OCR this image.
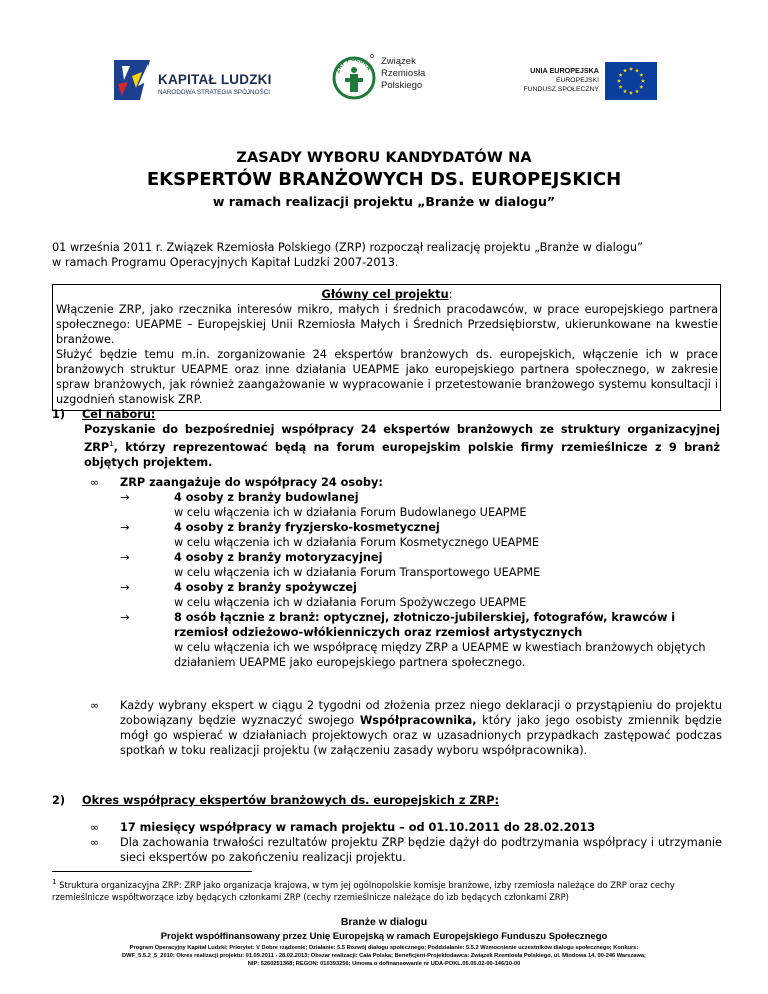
KAPITAŁ LUDZKI
NARODOWA STRATEGIA SPÓJNOŚCI
ZRP POLSKA
Związek
Rzemiosła
Polskiego
UNIA EUROPEJSKA
EUROPEJSKI
FUNDUSZ SPOŁECZNY
ZASADY WYBORU KANDYDATÓW NA
EKSPERTÓW BRANŻOWYCH DS. EUROPEJSKICH
w ramach realizacji projektu „Branże w dialogu”

01 września 2011 r. Związek Rzemiosła Polskiego (ZRP) rozpoczął realizację projektu „Branże w dialogu”

w ramach Programu Operacyjnych Kapitał Ludzki 2007-2013.

Główny cel projektu:

Włączenie ZRP, jako rzecznika interesów mikro, małych i średnich pracodawców, w prace europejskiego partnera społecznego: UEAPME – Europejskiej Unii Rzemiosła Małych i Średnich Przedsiębiorstw, ukierunkowane na kwestie branżowe.

Służyć będzie temu m.in. zorganizowanie 24 ekspertów branżowych ds. europejskich, włączenie ich w prace branżowych struktur UEAPME oraz inne działania UEAPME jako europejskiego partnera społecznego, w zakresie spraw branżowych, jak również zaangażowanie w wypracowanie i przetestowanie branżowego systemu konsultacji i uzgodnień stanowisk ZRP.

1) Cel naboru:
Pozyskanie do bezpośredniej współpracy 24 ekspertów branżowych ze struktury organizacyjnej ZRP$^1$, którzy reprezentować będą na forum europejskim polskie firmy rzemieślnicze z 9 branż objętych projektem.
∞	ZRP zaangażuje do współpracy 24 osoby:
→	4 osoby z branży budowlanej
w celu włączenia ich w działania Forum Budowlanego UEAPME
→	4 osoby z branży fryzjersko-kosmetycznej
w celu włączenia ich w działania Forum Kosmetycznego UEAPME
→	4 osoby z branży motoryzacyjnej
w celu włączenia ich w działania Forum Transportowego UEAPME
→	4 osoby z branży spożywczej
w celu włączenia ich w działania Forum Spożywczego UEAPME
→	8 osób łącznie z branż: optycznej, złotniczo-jubilerskiej, fotografów, krawców i rzemiosł odzieżowo-włókienniczych oraz rzemiosł artystycznych
w celu włączenia ich we współpracę między ZRP a UEAPME w kwestiach branżowych objętych działaniem UEAPME jako europejskiego partnera społecznego.
∞	Każdy wybrany ekspert w ciągu 2 tygodni od złożenia przez niego deklaracji o przystąpieniu do projektu zobowiązany będzie wyznaczyć swojego Współpracownika, który jako jego osobisty zmiennik będzie mógł go wspierać w działaniach projektowych oraz w uzasadnionych przypadkach zastępować podczas spotkań w toku realizacji projektu (w załączeniu zasady wyboru współpracownika).
2) Okres współpracy ekspertów branżowych ds. europejskich z ZRP:
∞	17 miesięcy współpracy w ramach projektu – od 01.10.2011 do 28.02.2013
∞	Dla zachowania trwałości rezultatów projektu ZRP będzie dążył do podtrzymania współpracy i utrzymanie sieci ekspertów po zakończeniu realizacji projektu.
$^1$ Struktura organizacyjna ZRP: ZRP jako organizacja krajowa, w tym jej ogólnopolskie komisje branżowe, izby rzemiosła należące do ZRP oraz cechy rzemieślnicze współtworzące izby będących członkami ZRP (cechy rzemieślnicze należące do izb będących członkami ZRP)
Branże w dialogu
Projekt współfinansowany przez Unię Europejską w ramach Europejskiego Funduszu Społecznego
Program Operacyjny Kapitał Ludzki; Priorytet: V Dobre rządzenie; Działanie: 5.5 Rozwój dialogu społecznego; Poddziałanie: 5.5.2 Wzmocnienie uczestników dialogu społecznego; Konkurs:
DWF_5.5.2_5_2010; Okres realizacji projektu: 01.09.2011 - 28.02.2013; Obszar realizacji: Cała Polska; Beneficjent-Projektodawca: Związek Rzemiosła Polskiego, ul. Miodowa 14, 00-246 Warszawa;
NIP: 5260251368; REGON: 010393256; Umowa o dofinansowanie nr UDA-POKL.05.05.02-00-146/10-00
